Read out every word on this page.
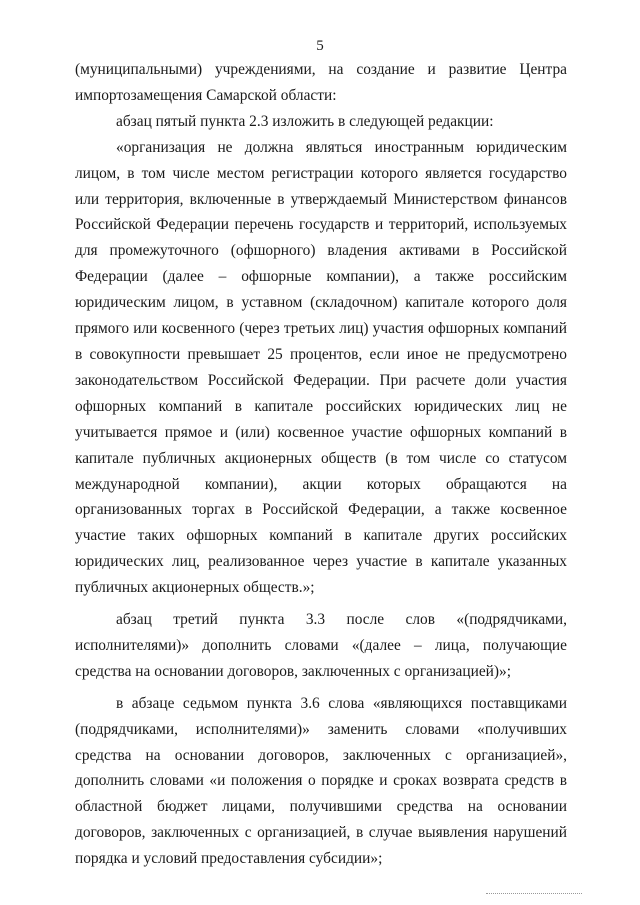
5

(муниципальными) учреждениями, на создание и развитие Центра импортозамещения Самарской области:

абзац пятый пункта 2.3 изложить в следующей редакции:

«организация не должна являться иностранным юридическим лицом, в том числе местом регистрации которого является государство или территория, включенные в утверждаемый Министерством финансов Российской Федерации перечень государств и территорий, используемых для промежуточного (офшорного) владения активами в Российской Федерации (далее – офшорные компании), а также российским юридическим лицом, в уставном (складочном) капитале которого доля прямого или косвенного (через третьих лиц) участия офшорных компаний в совокупности превышает 25 процентов, если иное не предусмотрено законодательством Российской Федерации. При расчете доли участия офшорных компаний в капитале российских юридических лиц не учитывается прямое и (или) косвенное участие офшорных компаний в капитале публичных акционерных обществ (в том числе со статусом международной компании), акции которых обращаются на организованных торгах в Российской Федерации, а также косвенное участие таких офшорных компаний в капитале других российских юридических лиц, реализованное через участие в капитале указанных публичных акционерных обществ.»;

абзац третий пункта 3.3 после слов «(подрядчиками, исполнителями)» дополнить словами «(далее – лица, получающие средства на основании договоров, заключенных с организацией)»;

в абзаце седьмом пункта 3.6 слова «являющихся поставщиками (подрядчиками, исполнителями)» заменить словами «получивших средства на основании договоров, заключенных с организацией», дополнить словами «и положения о порядке и сроках возврата средств в областной бюджет лицами, получившими средства на основании договоров, заключенных с организацией, в случае выявления нарушений порядка и условий предоставления субсидии»;
